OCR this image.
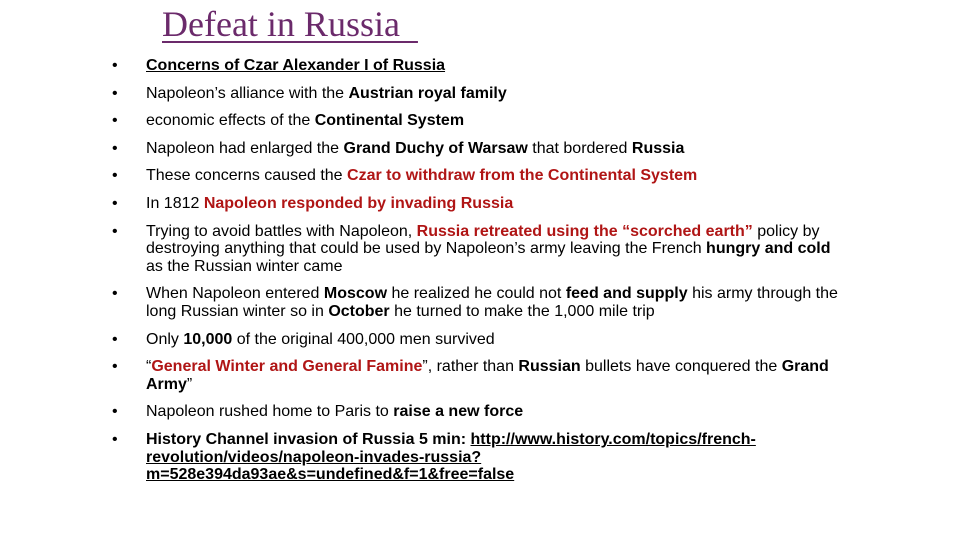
Defeat in Russia
• Concerns of Czar Alexander I of Russia
• Napoleon’s alliance with the Austrian royal family
• economic effects of the Continental System
• Napoleon had enlarged the Grand Duchy of Warsaw that bordered Russia
• These concerns caused the Czar to withdraw from the Continental System
• In 1812 Napoleon responded by invading Russia
• Trying to avoid battles with Napoleon, Russia retreated using the “scorched earth” policy by destroying anything that could be used by Napoleon’s army leaving the French hungry and cold as the Russian winter came
• When Napoleon entered Moscow he realized he could not feed and supply his army through the long Russian winter so in October he turned to make the 1,000 mile trip
• Only 10,000 of the original 400,000 men survived
• “General Winter and General Famine”, rather than Russian bullets have conquered the Grand Army”
• Napoleon rushed home to Paris to raise a new force
• History Channel invasion of Russia 5 min: http://www.history.com/topics/french-revolution/videos/napoleon-invades-russia?m=528e394da93ae&s=undefined&f=1&free=false
